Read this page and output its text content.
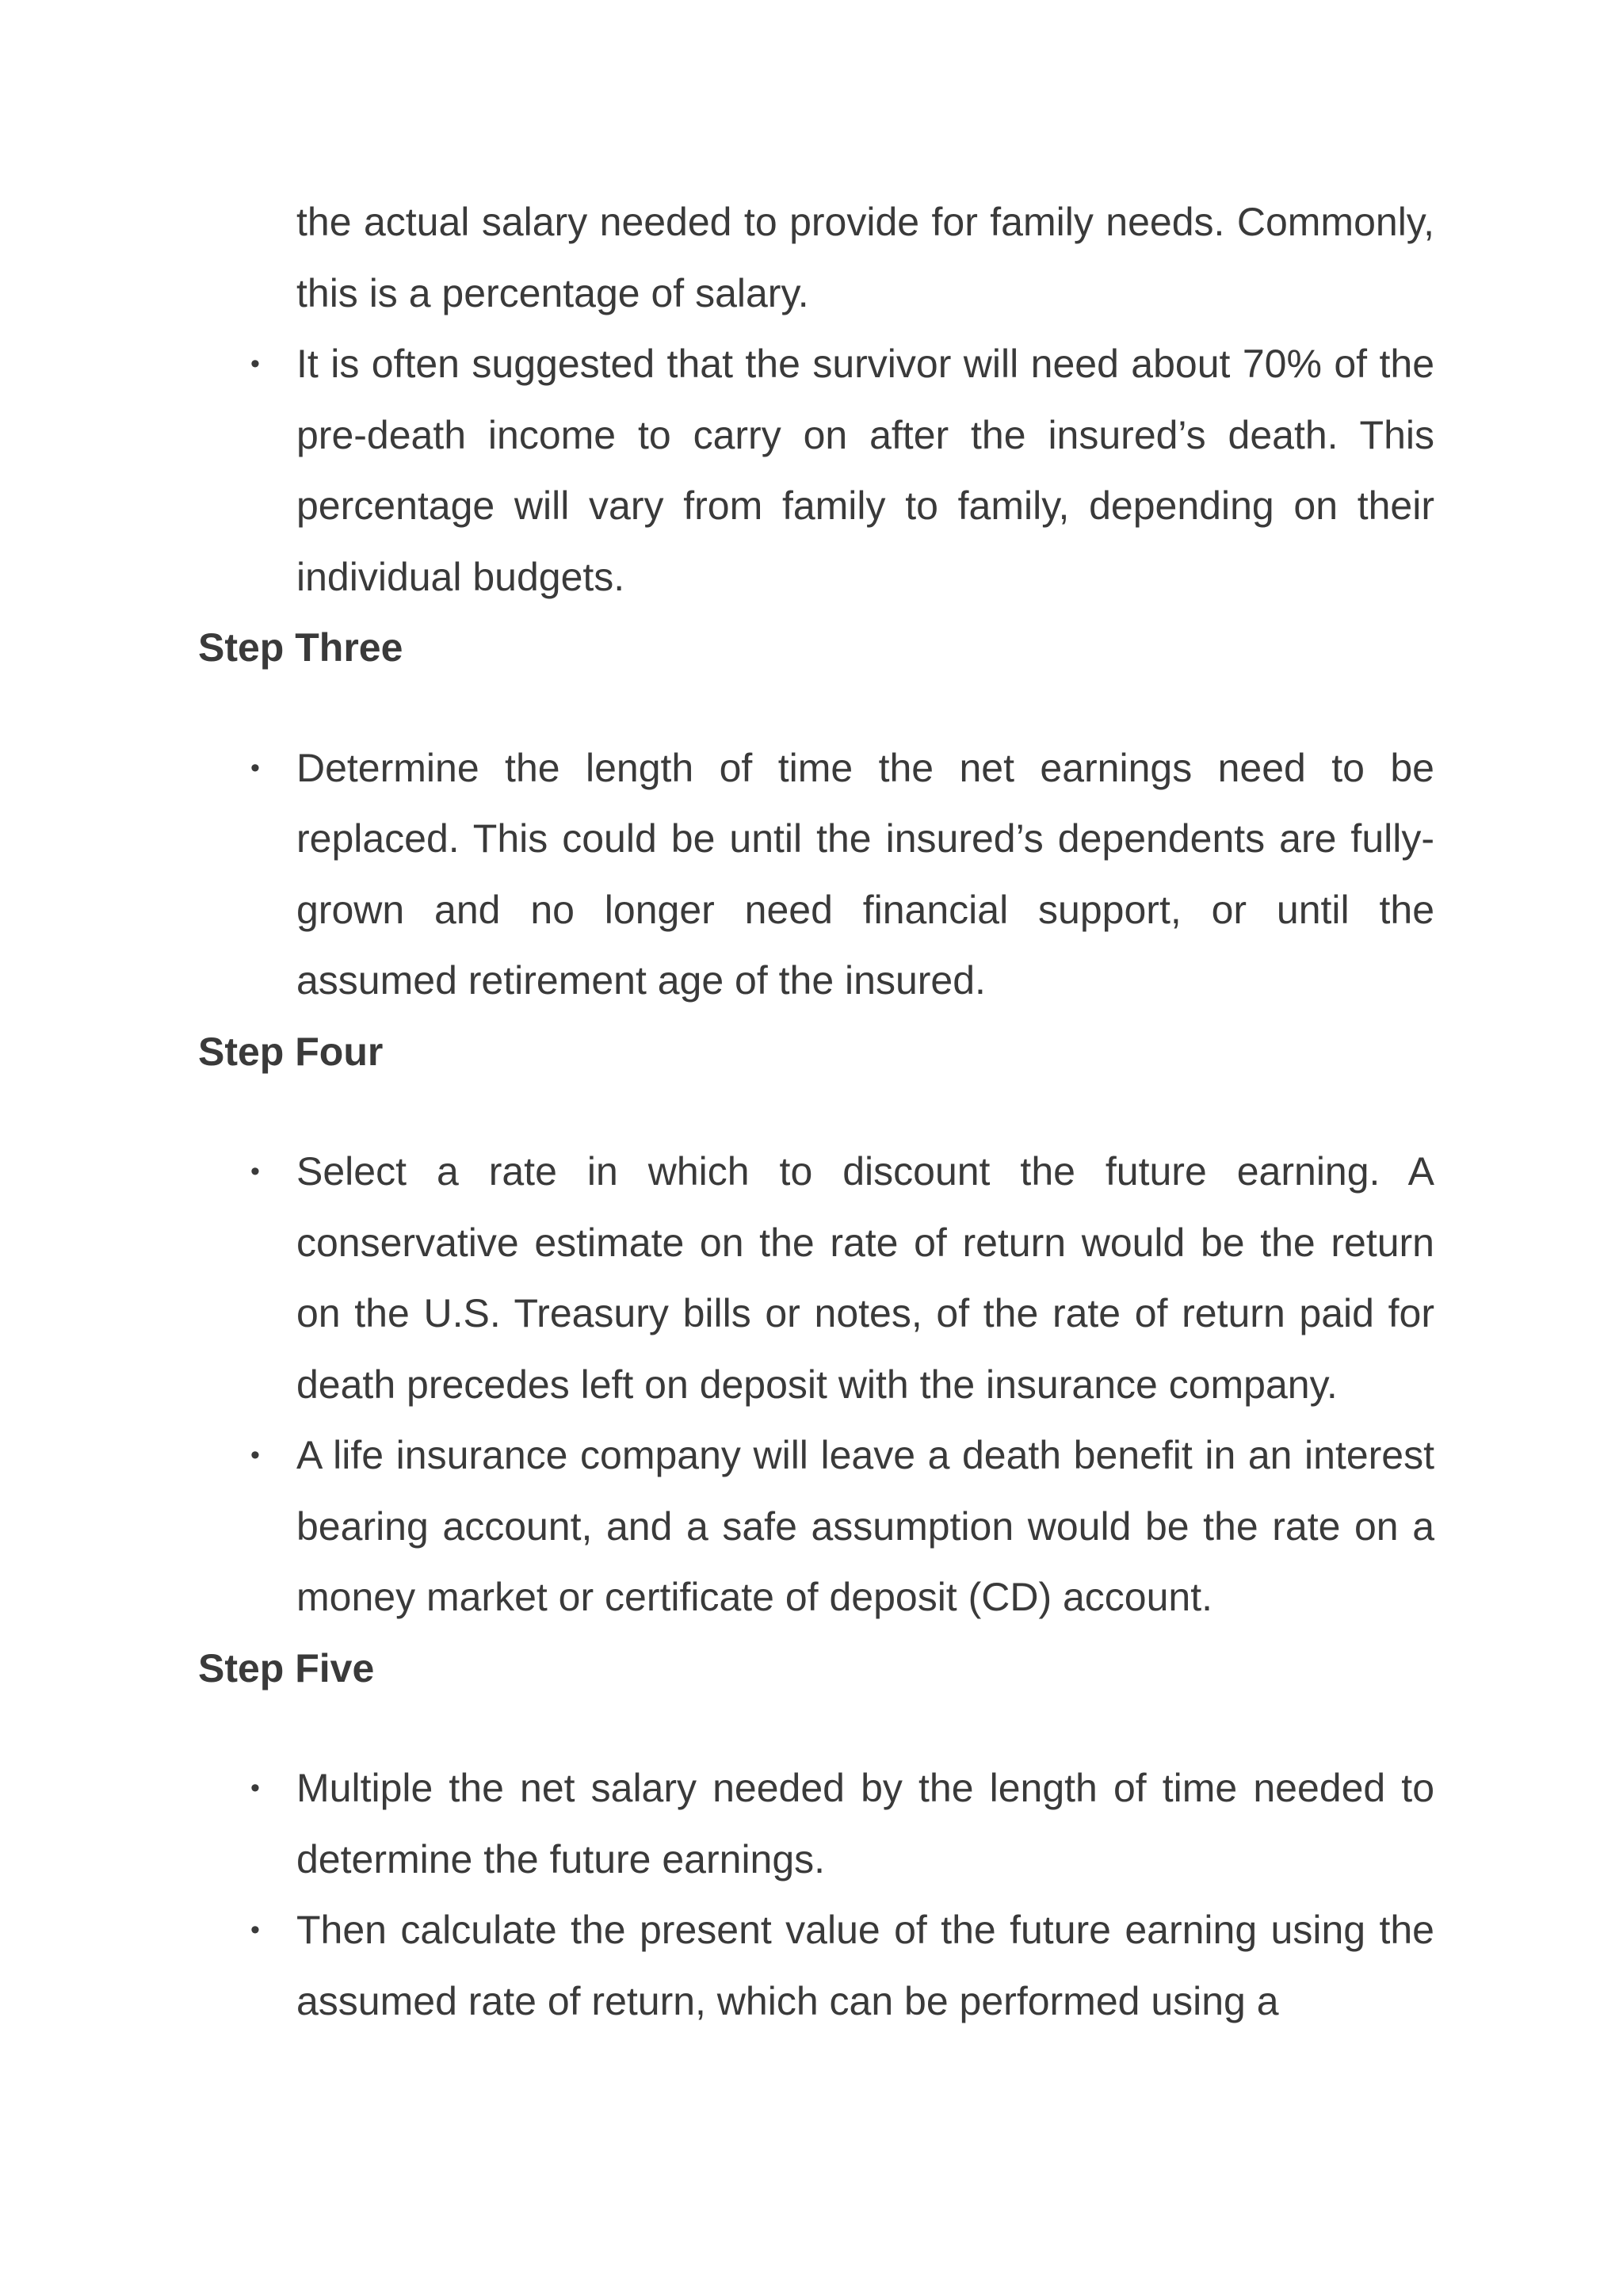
the actual salary needed to provide for family needs. Commonly, this is a percentage of salary.
• It is often suggested that the survivor will need about 70% of the pre-death income to carry on after the insured’s death. This percentage will vary from family to family, depending on their individual budgets.
Step Three
• Determine the length of time the net earnings need to be replaced. This could be until the insured’s dependents are fully-grown and no longer need financial support, or until the assumed retirement age of the insured.
Step Four
• Select a rate in which to discount the future earning. A conservative estimate on the rate of return would be the return on the U.S. Treasury bills or notes, of the rate of return paid for death precedes left on deposit with the insurance company.
• A life insurance company will leave a death benefit in an interest bearing account, and a safe assumption would be the rate on a money market or certificate of deposit (CD) account.
Step Five
• Multiple the net salary needed by the length of time needed to determine the future earnings.
• Then calculate the present value of the future earning using the assumed rate of return, which can be performed using a
